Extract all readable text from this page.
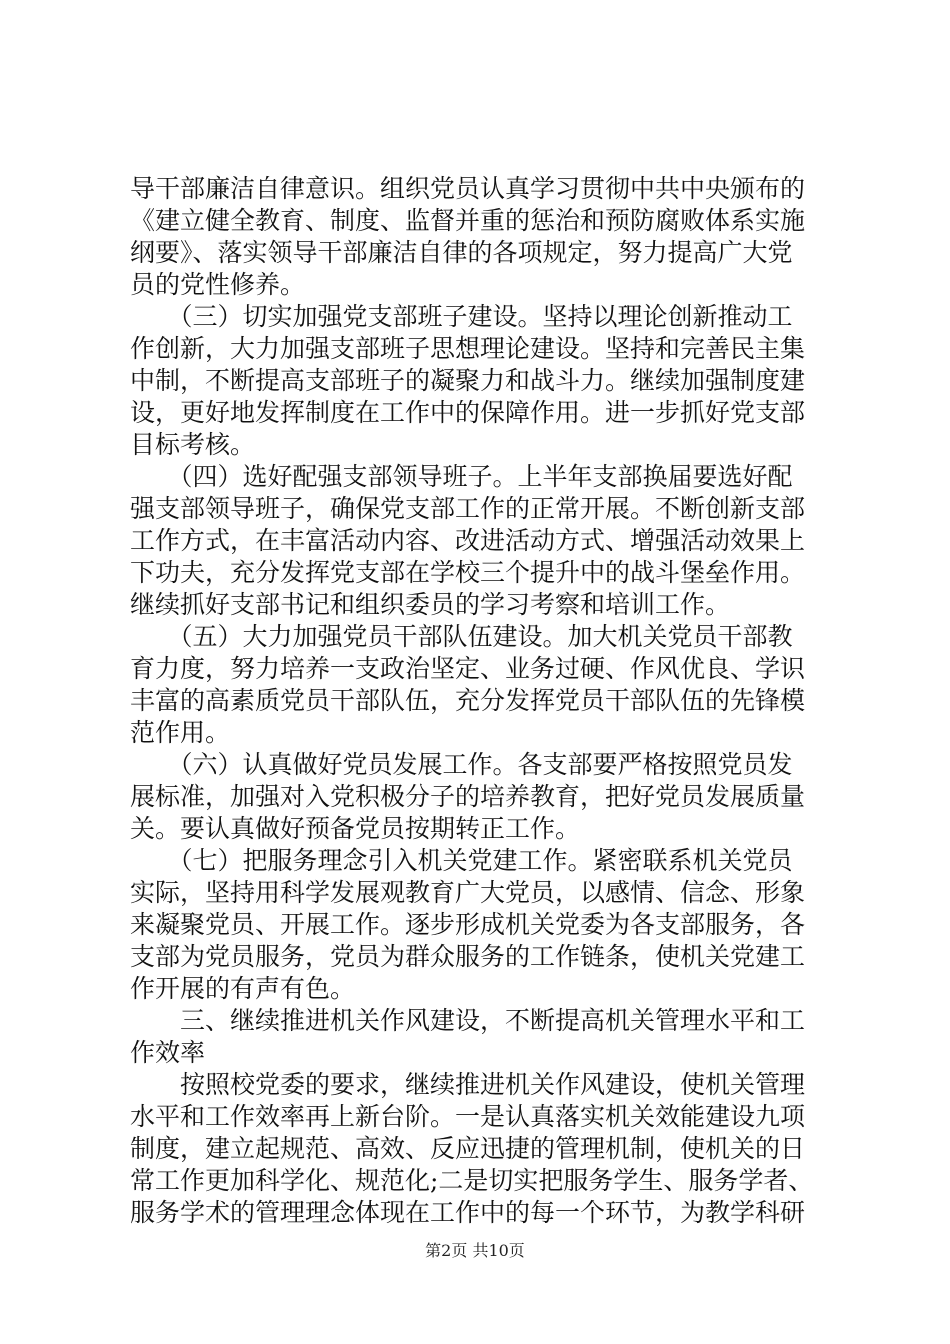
导干部廉洁自律意识。组织党员认真学习贯彻中共中央颁布的
《建立健全教育、制度、监督并重的惩治和预防腐败体系实施
纲要》、落实领导干部廉洁自律的各项规定，努力提高广大党
员的党性修养。
　　（三）切实加强党支部班子建设。坚持以理论创新推动工
作创新，大力加强支部班子思想理论建设。坚持和完善民主集
中制，不断提高支部班子的凝聚力和战斗力。继续加强制度建
设，更好地发挥制度在工作中的保障作用。进一步抓好党支部
目标考核。
　　（四）选好配强支部领导班子。上半年支部换届要选好配
强支部领导班子，确保党支部工作的正常开展。不断创新支部
工作方式，在丰富活动内容、改进活动方式、增强活动效果上
下功夫，充分发挥党支部在学校三个提升中的战斗堡垒作用。
继续抓好支部书记和组织委员的学习考察和培训工作。
　　（五）大力加强党员干部队伍建设。加大机关党员干部教
育力度，努力培养一支政治坚定、业务过硬、作风优良、学识
丰富的高素质党员干部队伍，充分发挥党员干部队伍的先锋模
范作用。
　　（六）认真做好党员发展工作。各支部要严格按照党员发
展标准，加强对入党积极分子的培养教育，把好党员发展质量
关。要认真做好预备党员按期转正工作。
　　（七）把服务理念引入机关党建工作。紧密联系机关党员
实际，坚持用科学发展观教育广大党员，以感情、信念、形象
来凝聚党员、开展工作。逐步形成机关党委为各支部服务，各
支部为党员服务，党员为群众服务的工作链条，使机关党建工
作开展的有声有色。
　　三、继续推进机关作风建设，不断提高机关管理水平和工
作效率
　　按照校党委的要求，继续推进机关作风建设，使机关管理
水平和工作效率再上新台阶。一是认真落实机关效能建设九项
制度，建立起规范、高效、反应迅捷的管理机制，使机关的日
常工作更加科学化、规范化;二是切实把服务学生、服务学者、
服务学术的管理理念体现在工作中的每一个环节，为教学科研
第2页 共10页
